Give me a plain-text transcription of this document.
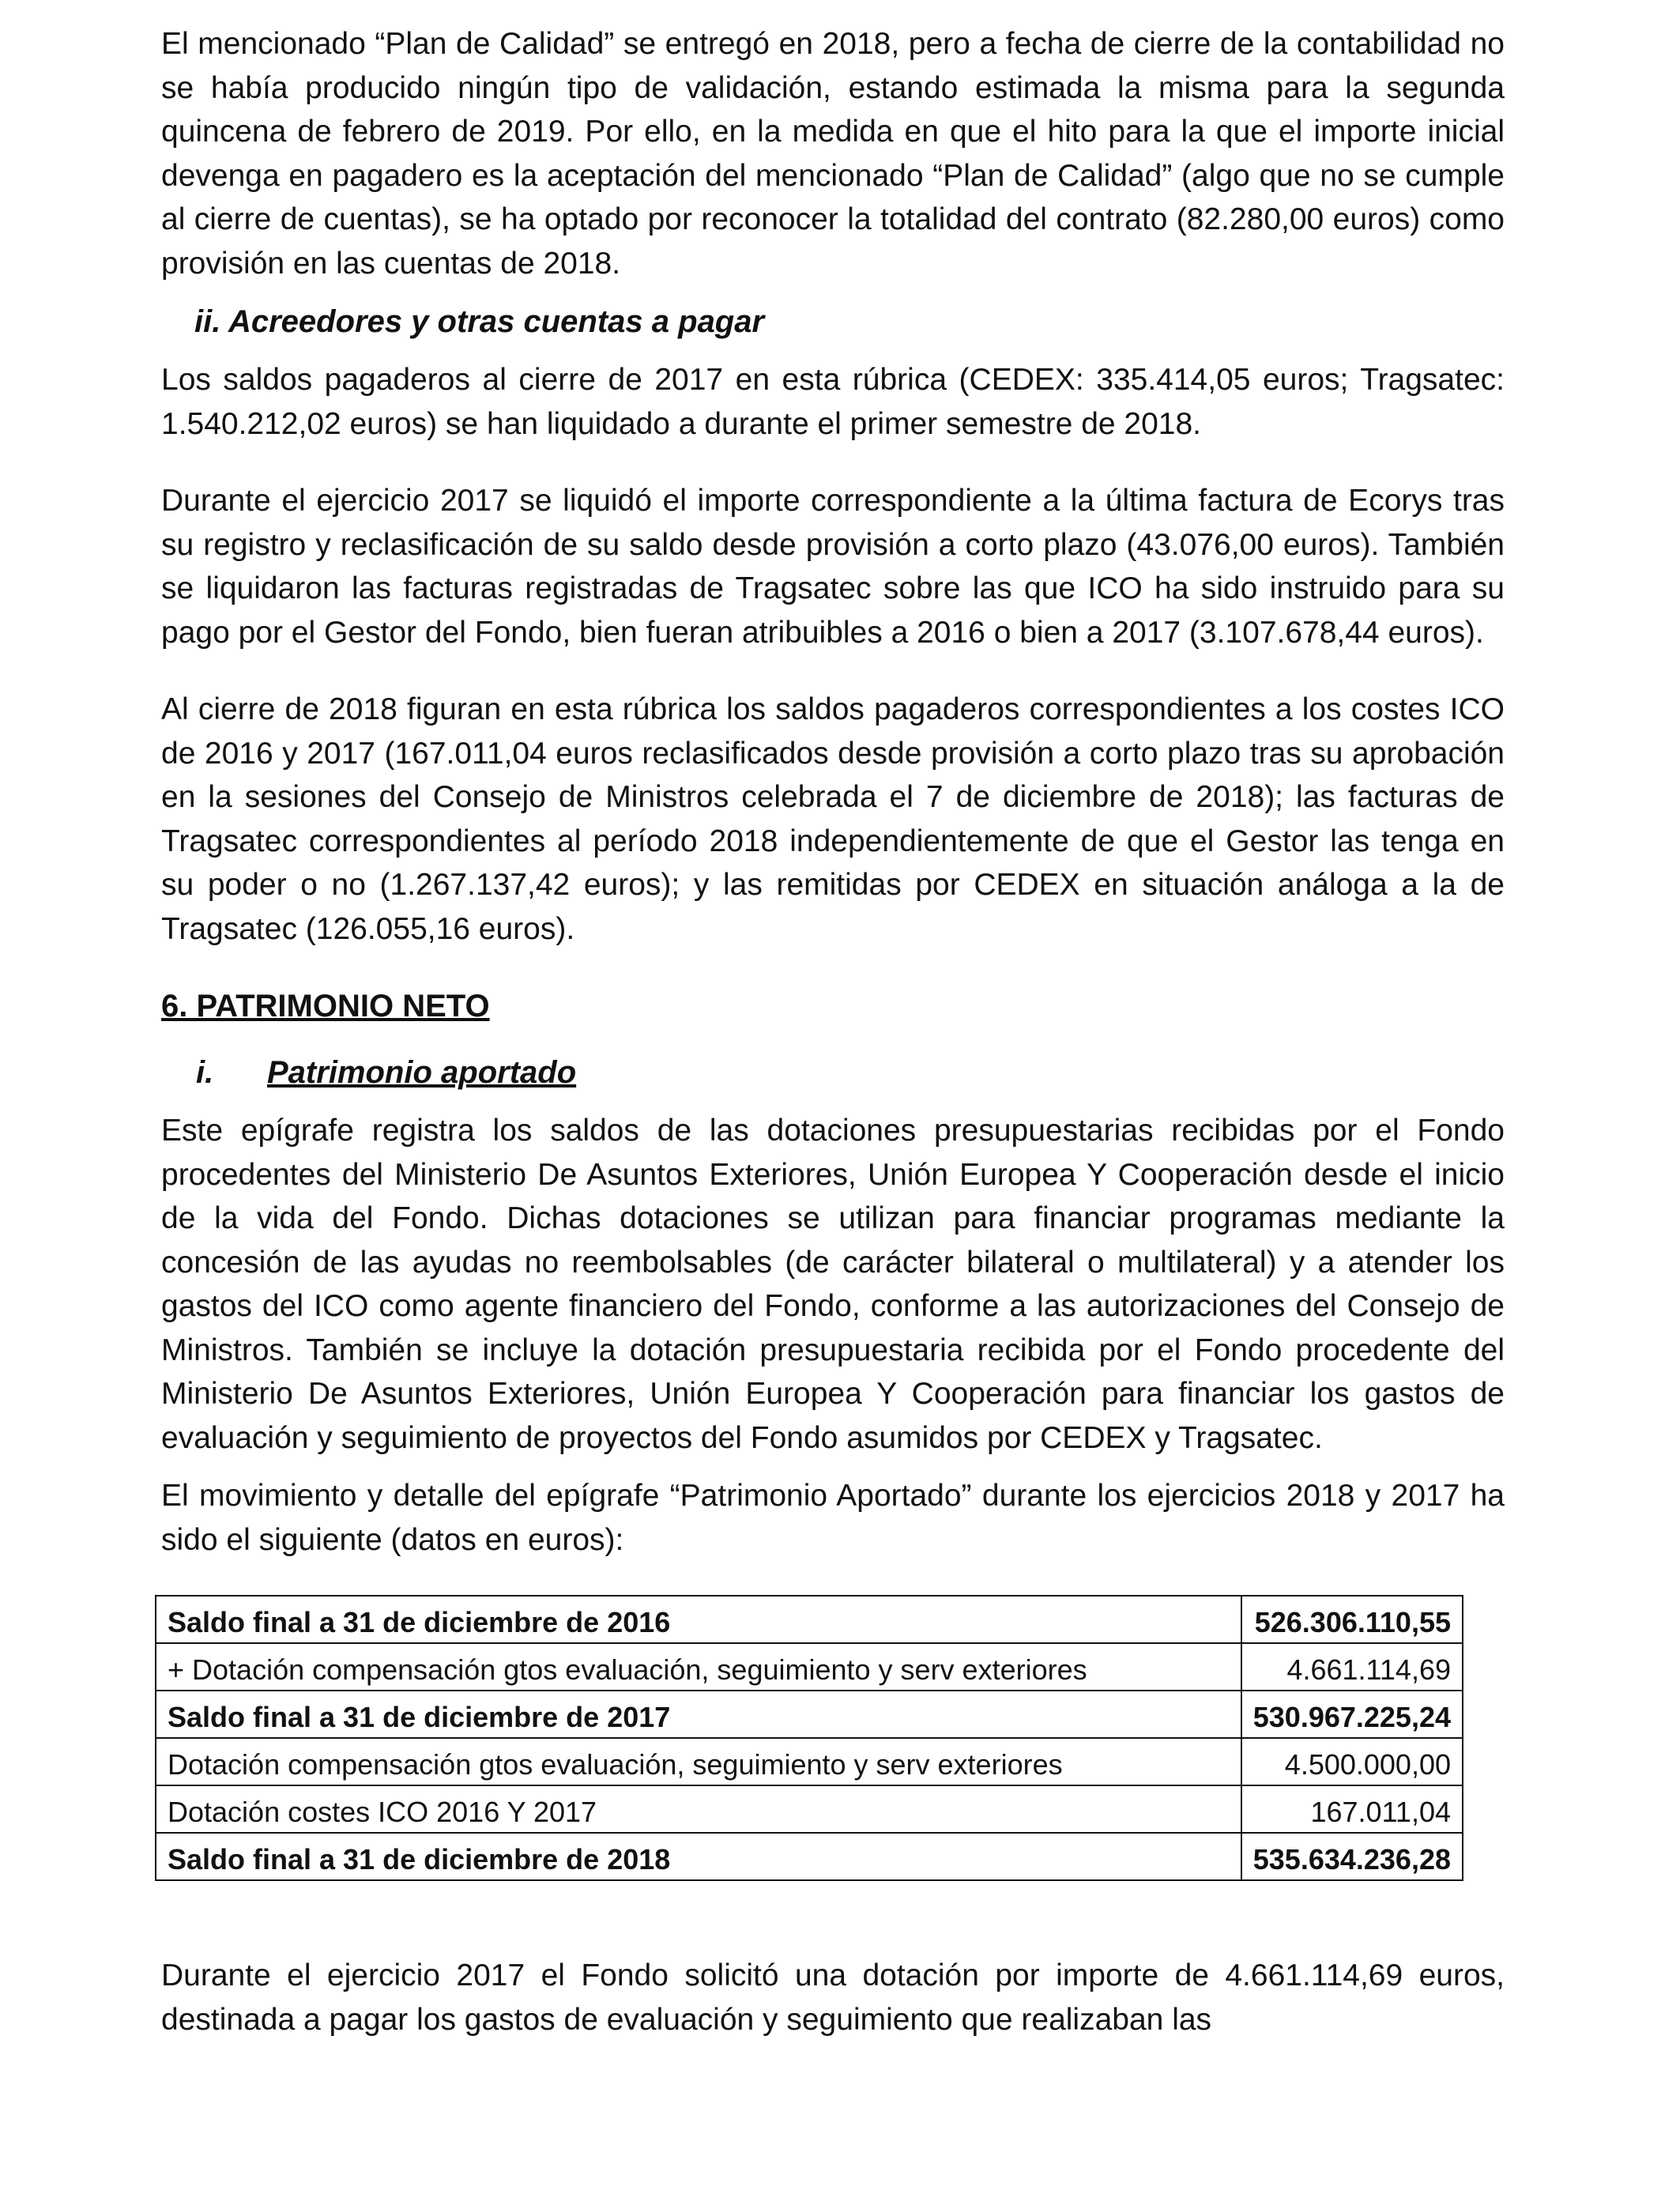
El mencionado “Plan de Calidad” se entregó en 2018, pero a fecha de cierre de la contabilidad no se había producido ningún tipo de validación, estando estimada la misma para la segunda quincena de febrero de 2019. Por ello, en la medida en que el hito para la que el importe inicial devenga en pagadero es la aceptación del mencionado “Plan de Calidad” (algo que no se cumple al cierre de cuentas), se ha optado por reconocer la totalidad del contrato (82.280,00 euros) como provisión en las cuentas de 2018.

ii. Acreedores y otras cuentas a pagar

Los saldos pagaderos al cierre de 2017 en esta rúbrica (CEDEX: 335.414,05 euros; Tragsatec: 1.540.212,02 euros) se han liquidado a durante el primer semestre de 2018.

Durante el ejercicio 2017 se liquidó el importe correspondiente a la última factura de Ecorys tras su registro y reclasificación de su saldo desde provisión a corto plazo (43.076,00 euros). También se liquidaron las facturas registradas de Tragsatec sobre las que ICO ha sido instruido para su pago por el Gestor del Fondo, bien fueran atribuibles a 2016 o bien a 2017 (3.107.678,44 euros).

Al cierre de 2018 figuran en esta rúbrica los saldos pagaderos correspondientes a los costes ICO de 2016 y 2017 (167.011,04 euros reclasificados desde provisión a corto plazo tras su aprobación en la sesiones del Consejo de Ministros celebrada el 7 de diciembre de 2018); las facturas de Tragsatec correspondientes al período 2018 independientemente de que el Gestor las tenga en su poder o no (1.267.137,42 euros); y las remitidas por CEDEX en situación análoga a la de Tragsatec (126.055,16 euros).

6. PATRIMONIO NETO

i.	Patrimonio aportado

Este epígrafe registra los saldos de las dotaciones presupuestarias recibidas por el Fondo procedentes del Ministerio De Asuntos Exteriores, Unión Europea Y Cooperación desde el inicio de la vida del Fondo. Dichas dotaciones se utilizan para financiar programas mediante la concesión de las ayudas no reembolsables (de carácter bilateral o multilateral) y a atender los gastos del ICO como agente financiero del Fondo, conforme a las autorizaciones del Consejo de Ministros. También se incluye la dotación presupuestaria recibida por el Fondo procedente del Ministerio De Asuntos Exteriores, Unión Europea Y Cooperación para financiar los gastos de evaluación y seguimiento de proyectos del Fondo asumidos por CEDEX y Tragsatec.

El movimiento y detalle del epígrafe “Patrimonio Aportado” durante los ejercicios 2018 y 2017 ha sido el siguiente (datos en euros):

Saldo final a 31 de diciembre de 2016	526.306.110,55
+ Dotación compensación gtos evaluación, seguimiento y serv exteriores	4.661.114,69
Saldo final a 31 de diciembre de 2017	530.967.225,24
Dotación compensación gtos evaluación, seguimiento y serv exteriores	4.500.000,00
Dotación costes ICO 2016 Y 2017	167.011,04
Saldo final a 31 de diciembre de 2018	535.634.236,28

Durante el ejercicio 2017 el Fondo solicitó una dotación por importe de 4.661.114,69 euros, destinada a pagar los gastos de evaluación y seguimiento que realizaban las
